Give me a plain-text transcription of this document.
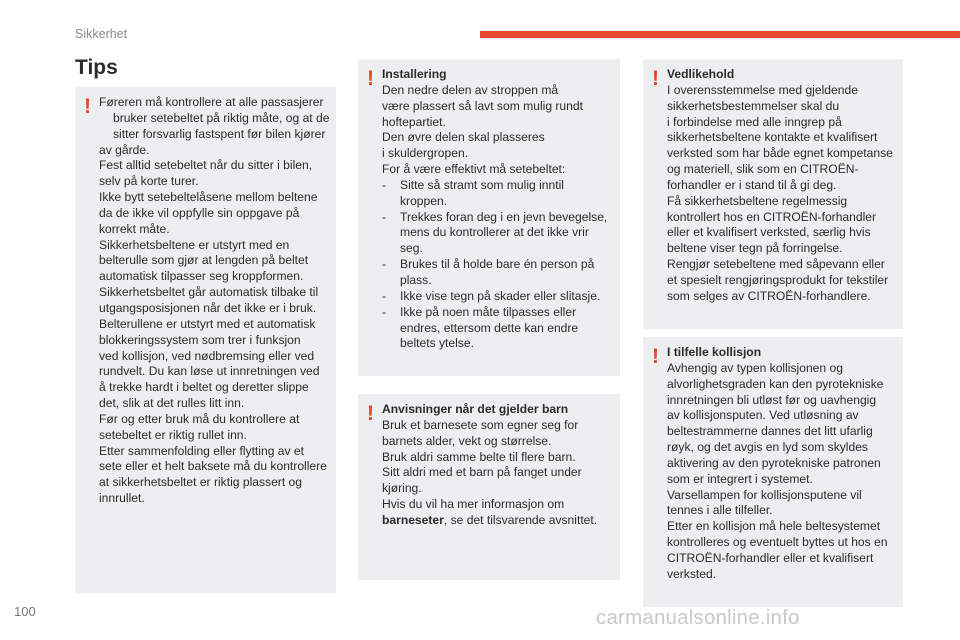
Sikkerhet
Tips
! Føreren må kontrollere at alle passasjerer

bruker setebeltet på riktig måte, og at de

sitter forsvarlig fastspent før bilen kjører

av gårde.

Fest alltid setebeltet når du sitter i bilen,
selv på korte turer.

Ikke bytt setebeltelåsene mellom beltene
da de ikke vil oppfylle sin oppgave på
korrekt måte.

Sikkerhetsbeltene er utstyrt med en
belterulle som gjør at lengden på beltet
automatisk tilpasser seg kroppformen.

Sikkerhetsbeltet går automatisk tilbake til
utgangsposisjonen når det ikke er i bruk.

Belterullene er utstyrt med et automatisk
blokkeringssystem som trer i funksjon
ved kollisjon, ved nødbremsing eller ved
rundvelt. Du kan løse ut innretningen ved
å trekke hardt i beltet og deretter slippe
det, slik at det rulles litt inn.

Før og etter bruk må du kontrollere at
setebeltet er riktig rullet inn.

Etter sammenfolding eller flytting av et
sete eller et helt baksete må du kontrollere
at sikkerhetsbeltet er riktig plassert og
innrullet.

! Installering

Den nedre delen av stroppen må
være plassert så lavt som mulig rundt
hoftepartiet.

Den øvre delen skal plasseres
i skuldergropen.

For å være effektivt må setebeltet:

-	Sitte så stramt som mulig inntil
kroppen.
-	Trekkes foran deg i en jevn bevegelse,
mens du kontrollerer at det ikke vrir
seg.
-	Brukes til å holde bare én person på
plass.
-	Ikke vise tegn på skader eller slitasje.
-	Ikke på noen måte tilpasses eller
endres, ettersom dette kan endre
beltets ytelse.
! Anvisninger når det gjelder barn

Bruk et barnesete som egner seg for
barnets alder, vekt og størrelse.

Bruk aldri samme belte til flere barn.

Sitt aldri med et barn på fanget under
kjøring.

Hvis du vil ha mer informasjon om
barneseter, se det tilsvarende avsnittet.

! Vedlikehold

I overensstemmelse med gjeldende
sikkerhetsbestemmelser skal du
i forbindelse med alle inngrep på
sikkerhetsbeltene kontakte et kvalifisert
verksted som har både egnet kompetanse
og materiell, slik som en CITROËN-
forhandler er i stand til å gi deg.

Få sikkerhetsbeltene regelmessig
kontrollert hos en CITROËN-forhandler
eller et kvalifisert verksted, særlig hvis
beltene viser tegn på forringelse.

Rengjør setebeltene med såpevann eller
et spesielt rengjøringsprodukt for tekstiler
som selges av CITROËN-forhandlere.

! I tilfelle kollisjon

Avhengig av typen kollisjonen og
alvorlighetsgraden kan den pyrotekniske
innretningen bli utløst før og uavhengig
av kollisjonsputen. Ved utløsning av
beltestrammerne dannes det litt ufarlig
røyk, og det avgis en lyd som skyldes
aktivering av den pyrotekniske patronen
som er integrert i systemet.

Varsellampen for kollisjonsputene vil
tennes i alle tilfeller.

Etter en kollisjon må hele beltesystemet
kontrolleres og eventuelt byttes ut hos en
CITROËN-forhandler eller et kvalifisert
verksted.

100	carmanualsonline.info
